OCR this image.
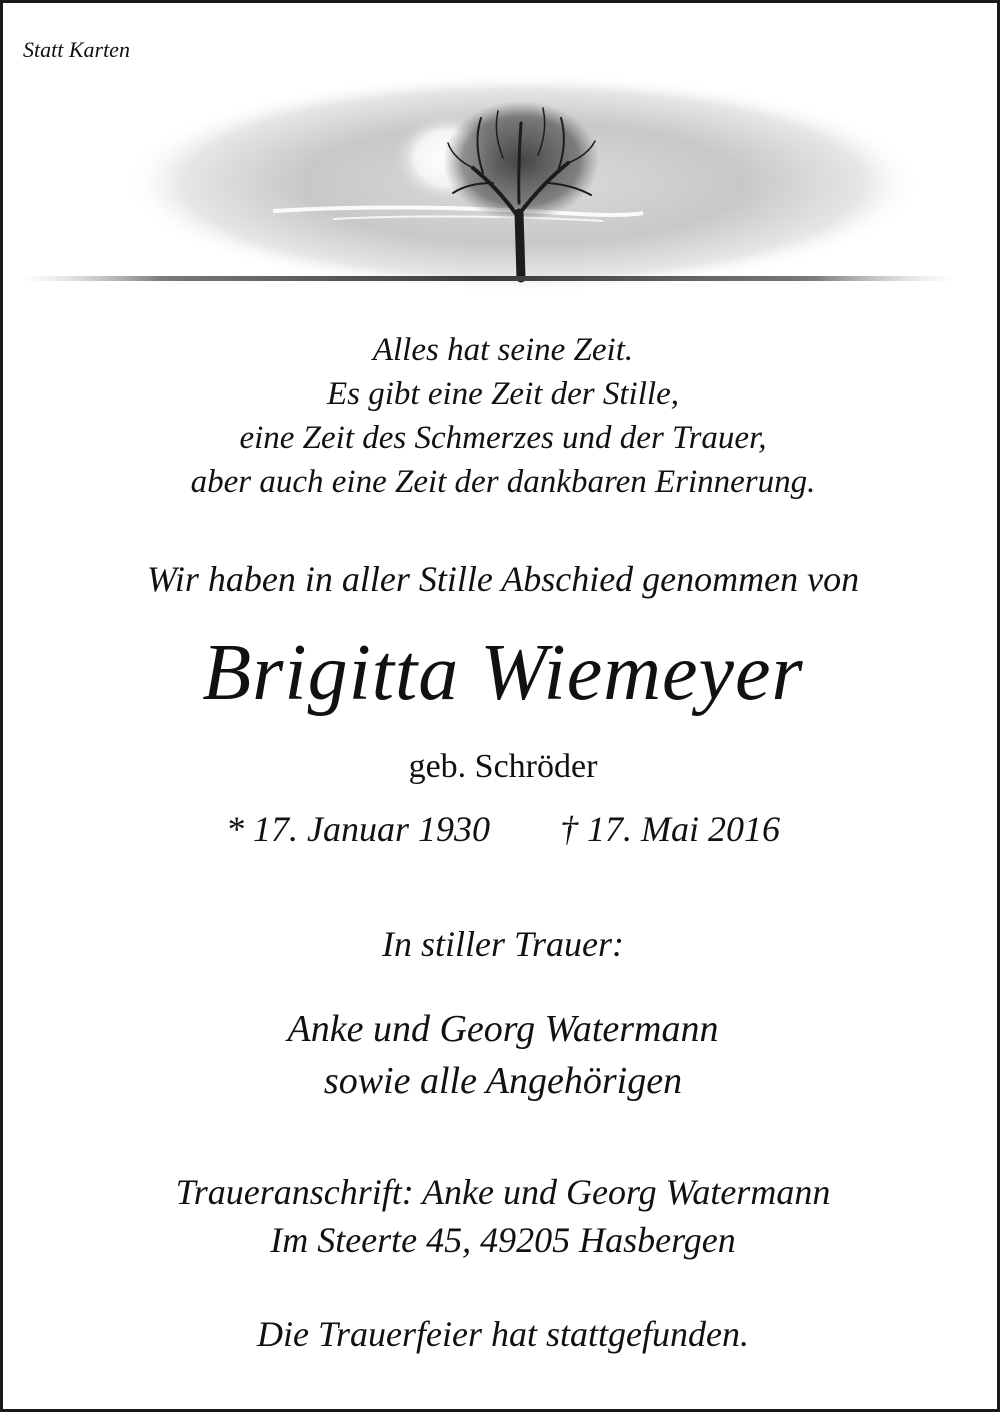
Statt Karten
Alles hat seine Zeit.
Es gibt eine Zeit der Stille,
eine Zeit des Schmerzes und der Trauer,
aber auch eine Zeit der dankbaren Erinnerung.
Wir haben in aller Stille Abschied genommen von
Brigitta Wiemeyer
geb. Schröder
* 17. Januar 1930 † 17. Mai 2016
In stiller Trauer:
Anke und Georg Watermann
sowie alle Angehörigen
Traueranschrift: Anke und Georg Watermann
Im Steerte 45, 49205 Hasbergen
Die Trauerfeier hat stattgefunden.
